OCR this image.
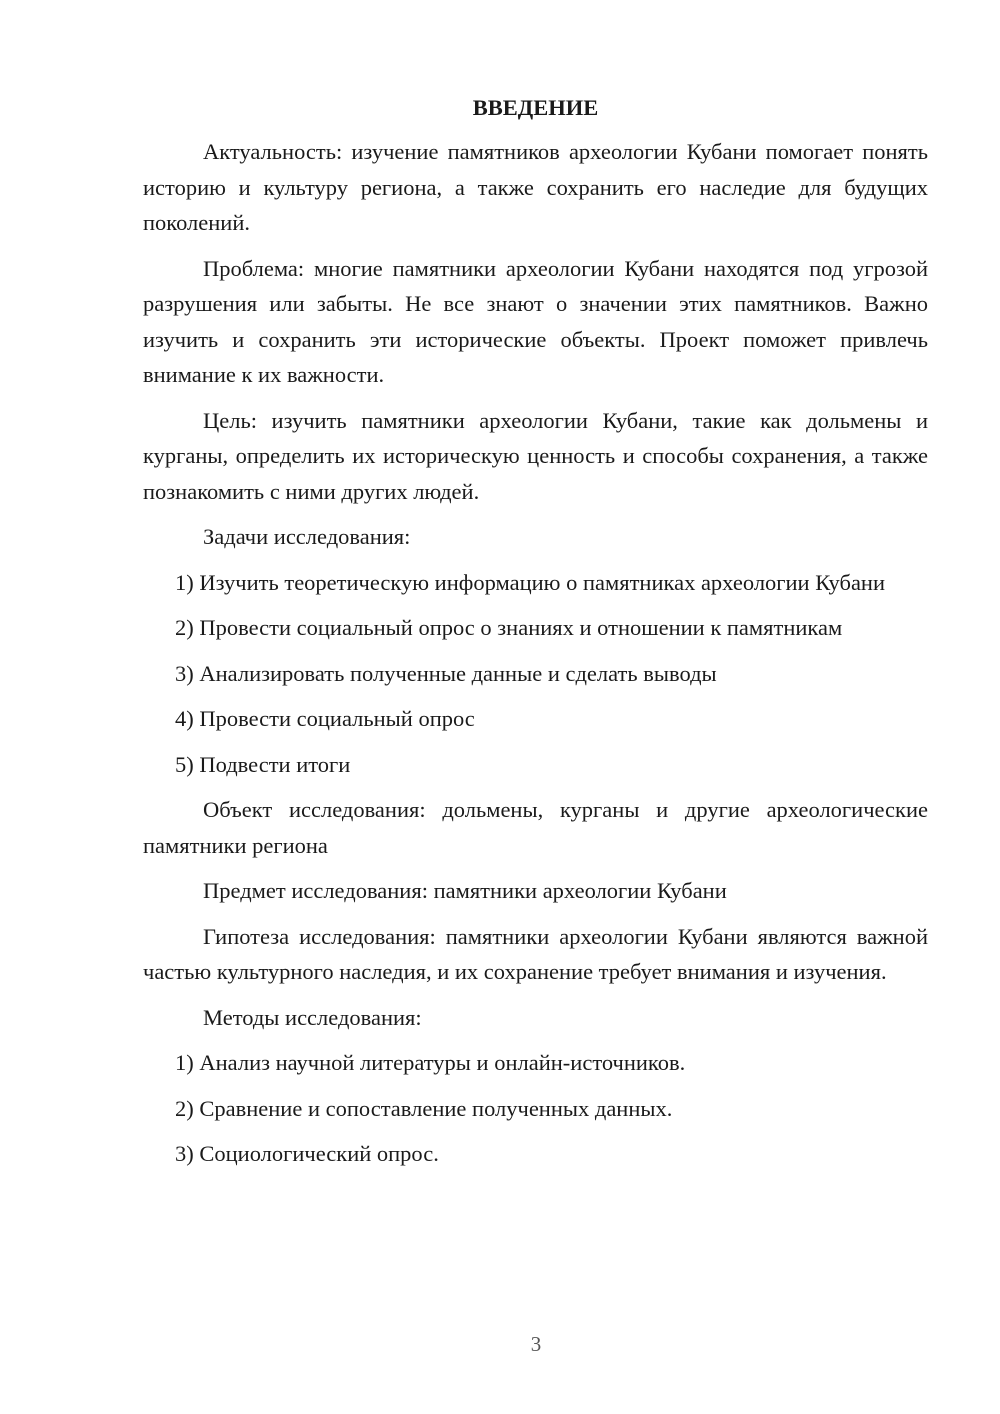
ВВЕДЕНИЕ

Актуальность: изучение памятников археологии Кубани помогает понять историю и культуру региона, а также сохранить его наследие для будущих поколений.

Проблема: многие памятники археологии Кубани находятся под угрозой разрушения или забыты. Не все знают о значении этих памятников. Важно изучить и сохранить эти исторические объекты. Проект поможет привлечь внимание к их важности.

Цель: изучить памятники археологии Кубани, такие как дольмены и курганы, определить их историческую ценность и способы сохранения, а также познакомить с ними других людей.

Задачи исследования:

1) Изучить теоретическую информацию о памятниках археологии Кубани

2) Провести социальный опрос о знаниях и отношении к памятникам

3) Анализировать полученные данные и сделать выводы

4) Провести социальный опрос

5) Подвести итоги

Объект исследования: дольмены, курганы и другие археологические памятники региона

Предмет исследования: памятники археологии Кубани

Гипотеза исследования: памятники археологии Кубани являются важной частью культурного наследия, и их сохранение требует внимания и изучения.

Методы исследования:

1) Анализ научной литературы и онлайн-источников.

2) Сравнение и сопоставление полученных данных.

3) Социологический опрос.

3
